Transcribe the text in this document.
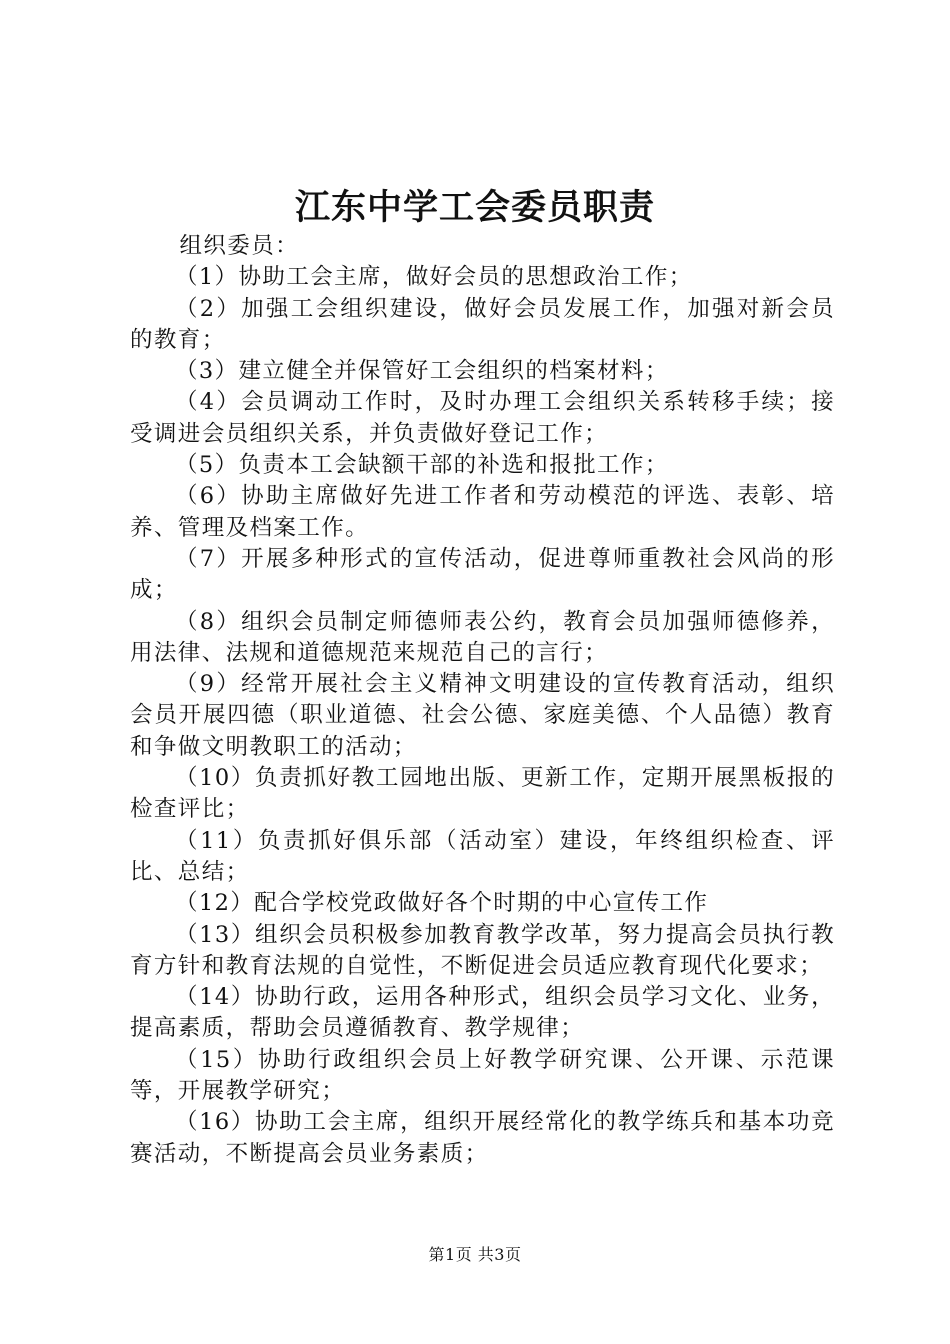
江东中学工会委员职责

组织委员：

（1）协助工会主席，做好会员的思想政治工作；

（2）加强工会组织建设，做好会员发展工作，加强对新会员的教育；

（3）建立健全并保管好工会组织的档案材料；

（4）会员调动工作时，及时办理工会组织关系转移手续；接受调进会员组织关系，并负责做好登记工作；

（5）负责本工会缺额干部的补选和报批工作；

（6）协助主席做好先进工作者和劳动模范的评选、表彰、培养、管理及档案工作。

（7）开展多种形式的宣传活动，促进尊师重教社会风尚的形成；

（8）组织会员制定师德师表公约，教育会员加强师德修养，用法律、法规和道德规范来规范自己的言行；

（9）经常开展社会主义精神文明建设的宣传教育活动，组织会员开展四德（职业道德、社会公德、家庭美德、个人品德）教育和争做文明教职工的活动；

（10）负责抓好教工园地出版、更新工作，定期开展黑板报的检查评比；

（11）负责抓好俱乐部（活动室）建设，年终组织检查、评比、总结；

（12）配合学校党政做好各个时期的中心宣传工作

（13）组织会员积极参加教育教学改革，努力提高会员执行教育方针和教育法规的自觉性，不断促进会员适应教育现代化要求；

（14）协助行政，运用各种形式，组织会员学习文化、业务，提高素质，帮助会员遵循教育、教学规律；

（15）协助行政组织会员上好教学研究课、公开课、示范课等，开展教学研究；

（16）协助工会主席，组织开展经常化的教学练兵和基本功竞赛活动，不断提高会员业务素质；

第1页 共3页
